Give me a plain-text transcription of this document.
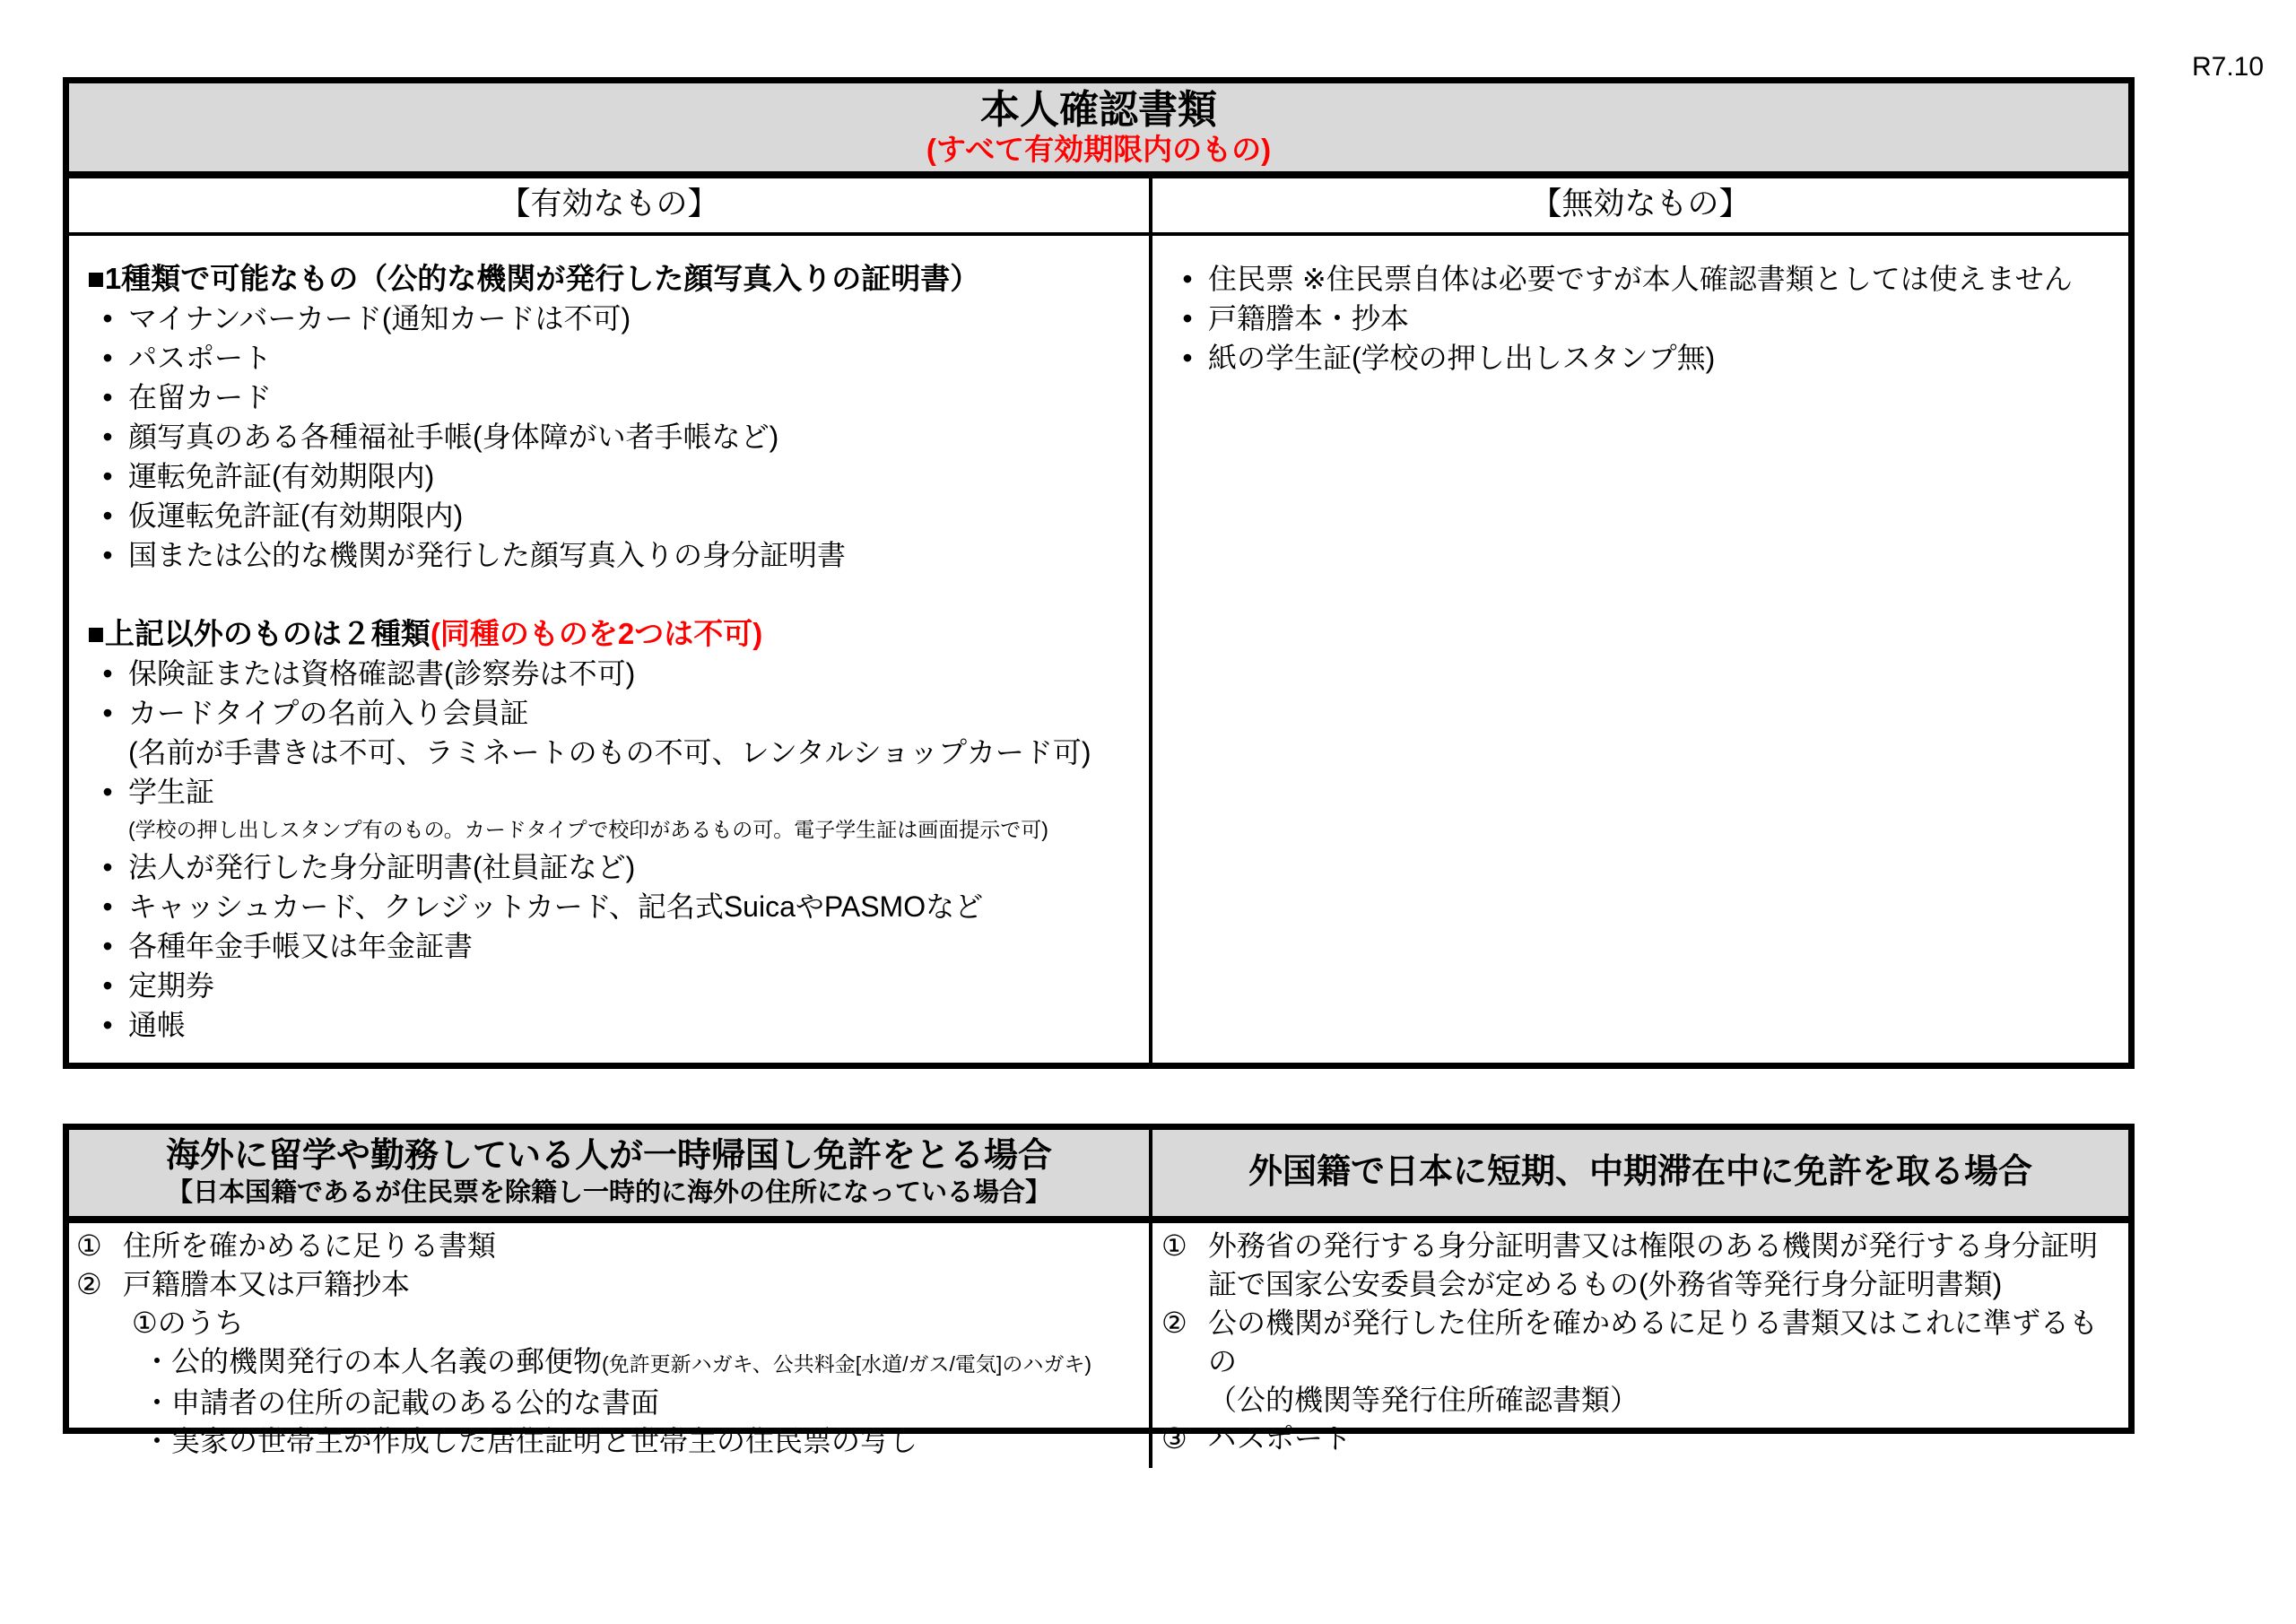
R7.10
本人確認書類
(すべて有効期限内のもの)
【有効なもの】	【無効なもの】
■1種類で可能なもの（公的な機関が発行した顔写真入りの証明書）
• マイナンバーカード(通知カードは不可)
• パスポート
• 在留カード
• 顔写真のある各種福祉手帳(身体障がい者手帳など)
• 運転免許証(有効期限内)
• 仮運転免許証(有効期限内)
• 国または公的な機関が発行した顔写真入りの身分証明書
■上記以外のものは２種類(同種のものを2つは不可)
• 保険証または資格確認書(診察券は不可)
• カードタイプの名前入り会員証
(名前が手書きは不可、ラミネートのもの不可、レンタルショップカード可)
• 学生証
(学校の押し出しスタンプ有のもの。カードタイプで校印があるもの可。電子学生証は画面提示で可)
• 法人が発行した身分証明書(社員証など)
• キャッシュカード、クレジットカード、記名式SuicaやPASMOなど
• 各種年金手帳又は年金証書
• 定期券
• 通帳
• 住民票 ※住民票自体は必要ですが本人確認書類としては使えません
• 戸籍謄本・抄本
• 紙の学生証(学校の押し出しスタンプ無)
海外に留学や勤務している人が一時帰国し免許をとる場合
【日本国籍であるが住民票を除籍し一時的に海外の住所になっている場合】
外国籍で日本に短期、中期滞在中に免許を取る場合
① 住所を確かめるに足りる書類
② 戸籍謄本又は戸籍抄本
①のうち
・公的機関発行の本人名義の郵便物(免許更新ハガキ、公共料金[水道/ガス/電気]のハガキ)
・申請者の住所の記載のある公的な書面
・実家の世帯主が作成した居住証明と世帯主の住民票の写し
① 外務省の発行する身分証明書又は権限のある機関が発行する身分証明証で国家公安委員会が定めるもの(外務省等発行身分証明書類)
② 公の機関が発行した住所を確かめるに足りる書類又はこれに準ずるもの
（公的機関等発行住所確認書類）
③ パスポート
